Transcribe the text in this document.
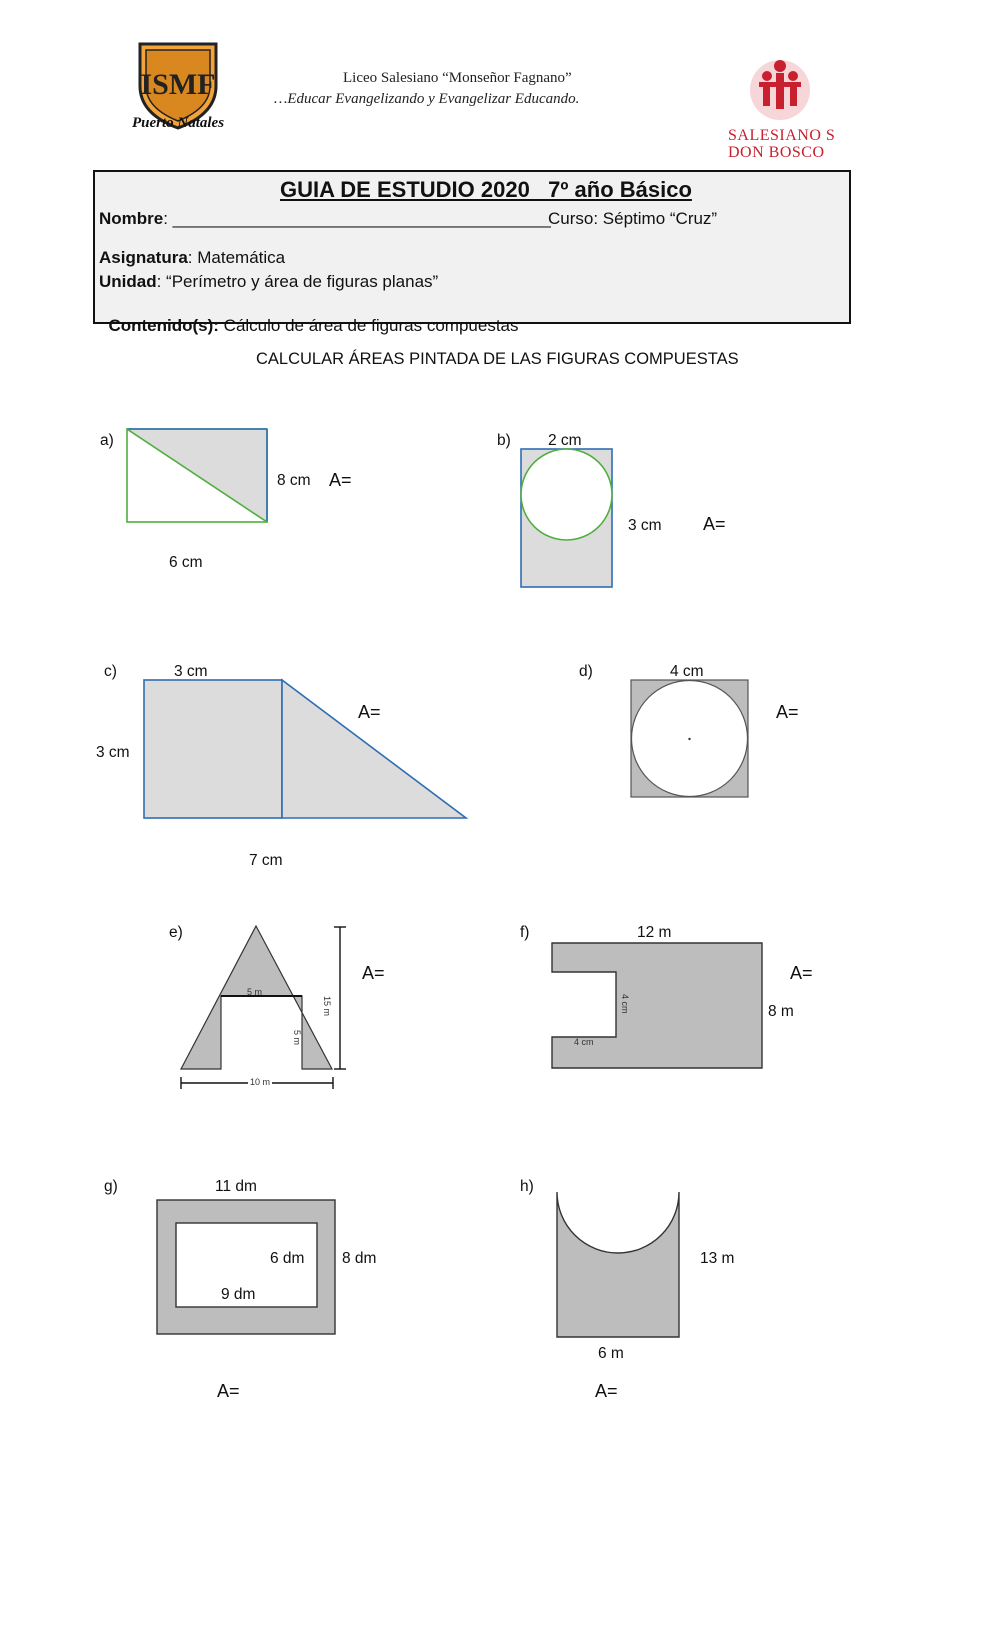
ISMF
Puerto Natales
Liceo Salesiano “Monseñor Fagnano”
…Educar Evangelizando y Evangelizar Educando.
SALESIANO S
DON BOSCO
GUIA DE ESTUDIO 2020   7º año Básico
Nombre: ________________________________________
Curso: Séptimo “Cruz”
Asignatura: Matemática
Unidad: “Perímetro y área de figuras planas”

Contenido(s): Cálculo de área de figuras compuestas

CALCULAR ÁREAS PINTADA DE LAS FIGURAS COMPUESTAS
a)
8 cm A=
6 cm
b) 2 cm
3 cm A=
c)	3 cm
3 cm
A=
7 cm
d)	4 cm
A=
e)
5 m
15 m
5 m
10 m
A=
f)	12 m
4 cm
4 cm
8 m
A=
g)	11 dm
6 dm 8 dm
9 dm
A=
h)
13 m
6 m
A=
